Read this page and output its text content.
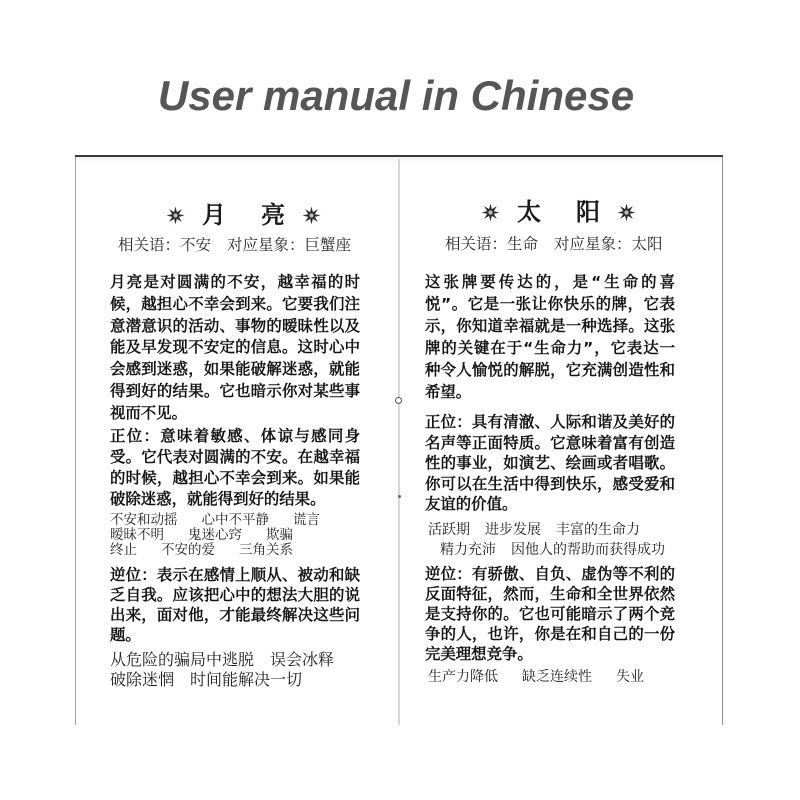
User manual in Chinese
月 亮
相关语：不安 对应星象：巨蟹座
月亮是对圆满的不安，越幸福的时
候，越担心不幸会到来。它要我们注
意潜意识的活动、事物的暧昧性以及
能及早发现不安定的信息。这时心中
会感到迷惑，如果能破解迷惑，就能
得到好的结果。它也暗示你对某些事
视而不见。
正位：意味着敏感、体谅与感同身
受。它代表对圆满的不安。在越幸福
的时候，越担心不幸会到来。如果能
破除迷惑，就能得到好的结果。
不安和动摇 心中不平静 谎言
暧昧不明 鬼迷心窍 欺骗
终止 不安的爱 三角关系
逆位：表示在感情上顺从、被动和缺
乏自我。应该把心中的想法大胆的说
出来，面对他，才能最终解决这些问
题。
从危险的骗局中逃脱 误会冰释
破除迷惘 时间能解决一切
太 阳
相关语：生命 对应星象：太阳
这张牌要传达的，是“生命的喜
悦”。它是一张让你快乐的牌，它表
示，你知道幸福就是一种选择。这张
牌的关键在于“生命力”，它表达一
种令人愉悦的解脱，它充满创造性和
希望。
正位：具有清澈、人际和谐及美好的
名声等正面特质。它意味着富有创造
性的事业，如演艺、绘画或者唱歌。
你可以在生活中得到快乐，感受爱和
友谊的价值。
活跃期 进步发展 丰富的生命力
精力充沛 因他人的帮助而获得成功
逆位：有骄傲、自负、虚伪等不利的
反面特征，然而，生命和全世界依然
是支持你的。它也可能暗示了两个竞
争的人，也许，你是在和自己的一份
完美理想竞争。
生产力降低 缺乏连续性 失业
